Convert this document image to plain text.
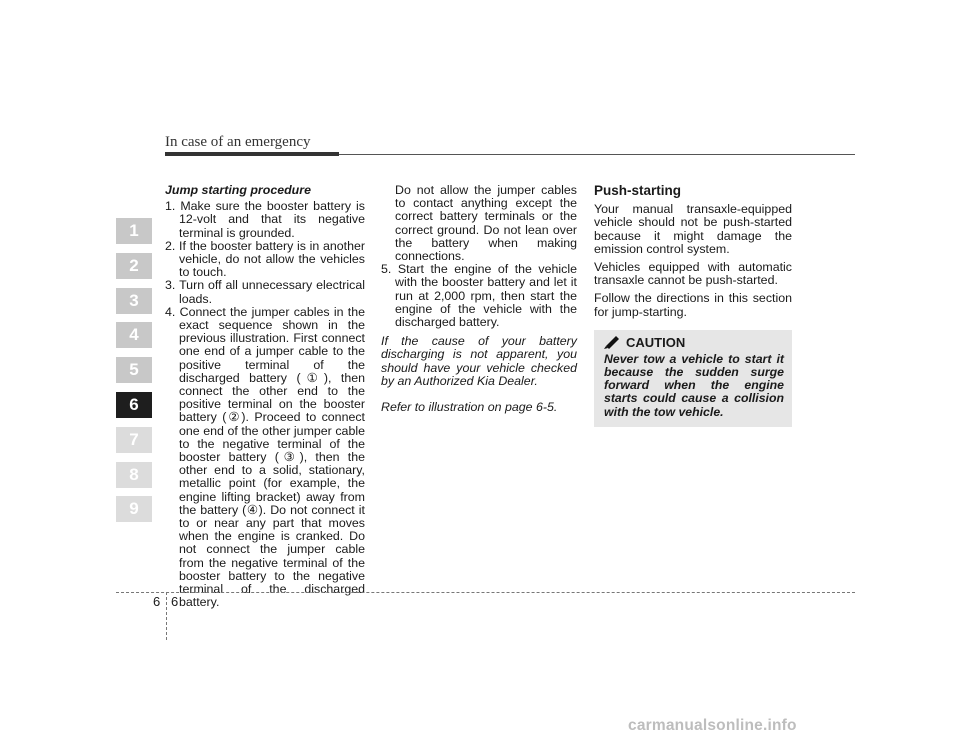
In case of an emergency
1
2
3
4
5
6
7
8
9
Jump starting procedure
1. Make sure the booster battery is 12-volt and that its negative terminal is grounded.
2. If the booster battery is in another vehicle, do not allow the vehicles to touch.
3. Turn off all unnecessary electrical loads.
4. Connect the jumper cables in the exact sequence shown in the previous illustration. First connect one end of a jumper cable to the positive terminal of the discharged battery (①), then connect the other end to the positive terminal on the booster battery (②). Proceed to connect one end of the other jumper cable to the negative terminal of the booster battery (③), then the other end to a solid, stationary, metallic point (for example, the engine lifting bracket) away from the battery (④). Do not connect it to or near any part that moves when the engine is cranked. Do not connect the jumper cable from the negative terminal of the booster battery to the negative terminal of the discharged battery.
Do not allow the jumper cables to contact anything except the correct battery terminals or the correct ground. Do not lean over the battery when making connections.
5. Start the engine of the vehicle with the booster battery and let it run at 2,000 rpm, then start the engine of the vehicle with the discharged battery.
If the cause of your battery discharging is not apparent, you should have your vehicle checked by an Authorized Kia Dealer.
Refer to illustration on page 6-5.
Push-starting
Your manual transaxle-equipped vehicle should not be push-started because it might damage the emission control system.
Vehicles equipped with automatic transaxle cannot be push-started.
Follow the directions in this section for jump-starting.
CAUTION
Never tow a vehicle to start it because the sudden surge forward when the engine starts could cause a collision with the tow vehicle.
6 6
carmanualsonline.info
